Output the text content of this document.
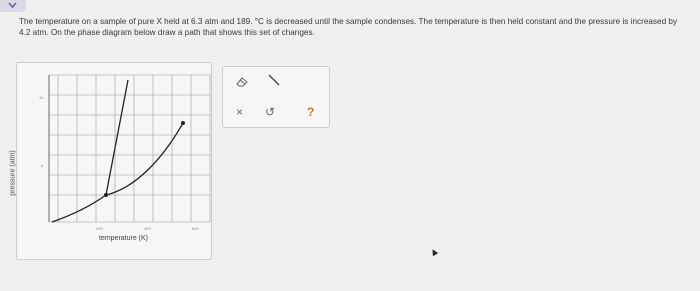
The temperature on a sample of pure X held at 6.3 atm and 189. °C is decreased until the sample condenses. The temperature is then held constant and the pressure is increased by 4.2 atm. On the phase diagram below draw a path that shows this set of changes.
pressure (atm)
16
8
200	400	600
temperature (K)
× ↺	?
